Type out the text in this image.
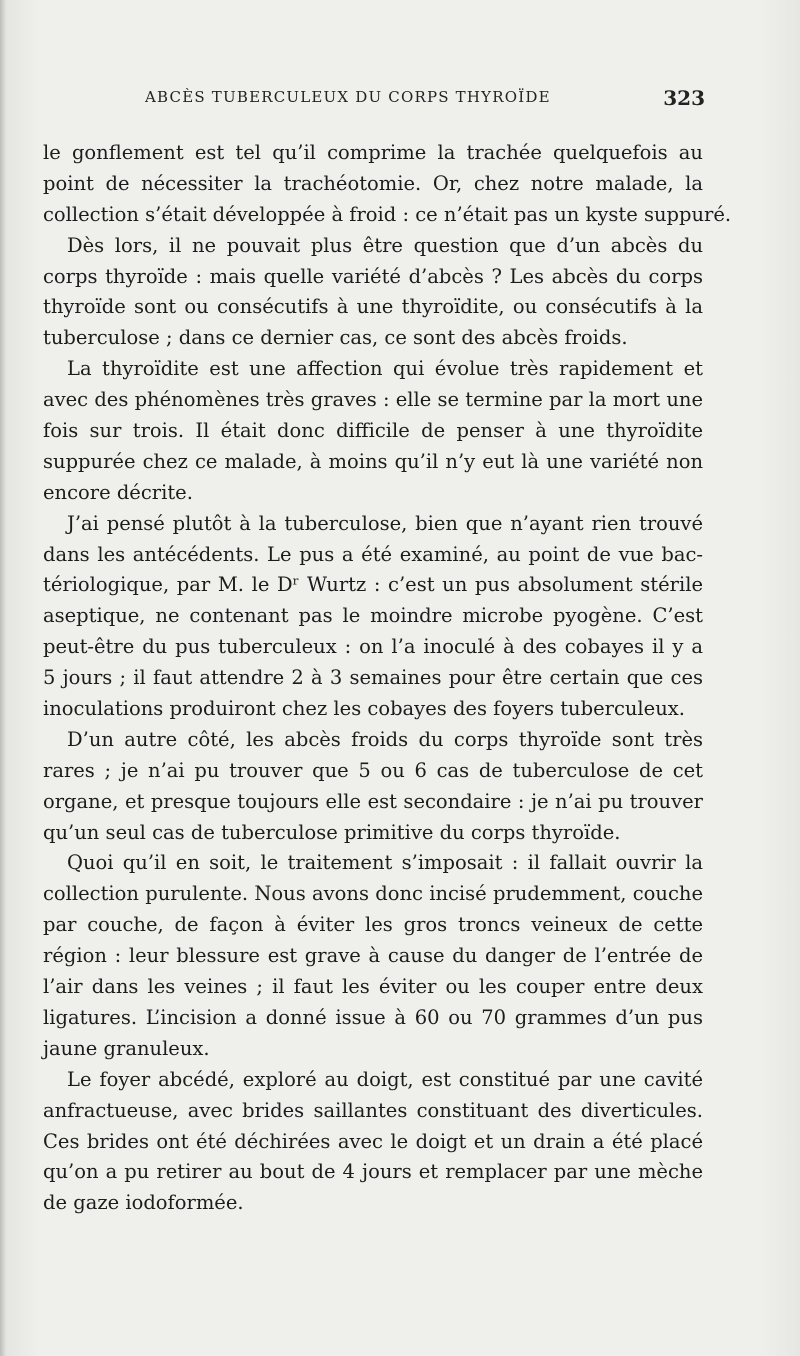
ABCÈS TUBERCULEUX DU CORPS THYROÏDE	323
le gonflement est tel qu’il comprime la trachée quelquefois au
point de nécessiter la trachéotomie. Or, chez notre malade, la
collection s’était développée à froid : ce n’était pas un kyste suppuré.
Dès lors, il ne pouvait plus être question que d’un abcès du
corps thyroïde : mais quelle variété d’abcès ? Les abcès du corps
thyroïde sont ou consécutifs à une thyroïdite, ou consécutifs à la
tuberculose ; dans ce dernier cas, ce sont des abcès froids.
La thyroïdite est une affection qui évolue très rapidement et
avec des phénomènes très graves : elle se termine par la mort une
fois sur trois. Il était donc difficile de penser à une thyroïdite
suppurée chez ce malade, à moins qu’il n’y eut là une variété non
encore décrite.
J’ai pensé plutôt à la tuberculose, bien que n’ayant rien trouvé
dans les antécédents. Le pus a été examiné, au point de vue bac-
tériologique, par M. le Dʳ Wurtz : c’est un pus absolument stérile
aseptique, ne contenant pas le moindre microbe pyogène. C’est
peut-être du pus tuberculeux : on l’a inoculé à des cobayes il y a
5 jours ; il faut attendre 2 à 3 semaines pour être certain que ces
inoculations produiront chez les cobayes des foyers tuberculeux.
D’un autre côté, les abcès froids du corps thyroïde sont très
rares ; je n’ai pu trouver que 5 ou 6 cas de tuberculose de cet
organe, et presque toujours elle est secondaire : je n’ai pu trouver
qu’un seul cas de tuberculose primitive du corps thyroïde.
Quoi qu’il en soit, le traitement s’imposait : il fallait ouvrir la
collection purulente. Nous avons donc incisé prudemment, couche
par couche, de façon à éviter les gros troncs veineux de cette
région : leur blessure est grave à cause du danger de l’entrée de
l’air dans les veines ; il faut les éviter ou les couper entre deux
ligatures. L’incision a donné issue à 60 ou 70 grammes d’un pus
jaune granuleux.
Le foyer abcédé, exploré au doigt, est constitué par une cavité
anfractueuse, avec brides saillantes constituant des diverticules.
Ces brides ont été déchirées avec le doigt et un drain a été placé
qu’on a pu retirer au bout de 4 jours et remplacer par une mèche
de gaze iodoformée.
